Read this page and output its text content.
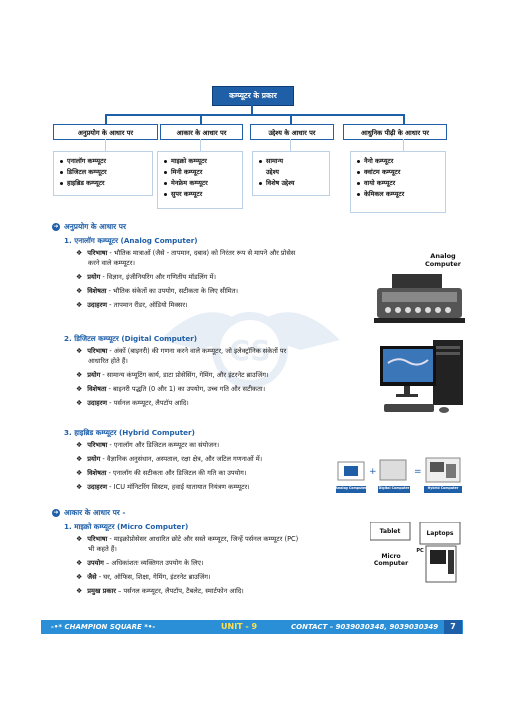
CS
कम्प्यूटर के प्रकार
अनुप्रयोग के आधार पर	आकार के आधार पर	उद्देश्य के आधार पर	आधुनिक पीढ़ी के आधार पर
एनालॉग कम्प्यूटर
डिजिटल कम्प्यूटर
हाइब्रिड कम्प्यूटर
माइक्रो कम्प्यूटर
मिनी कम्प्यूटर
मेनफ्रेम कम्प्यूटर
सुपर कम्प्यूटर
सामान्य
उद्देश्य
विशेष उद्देश्य
नैनो कम्प्यूटर
क्वांटम कम्प्यूटर
वायो कम्प्यूटर
केमिकल कम्प्यूटर
➜ अनुप्रयोग के आधार पर
1. एनालॉग कम्प्यूटर (Analog Computer)
❖ परिभाषा - भौतिक मात्राओं (जैसे - तापमान, दबाव) को निरंतर रूप से मापने और प्रोसेस
करने वाले कम्प्यूटर।
❖ प्रयोग - विज्ञान, इंजीनियरिंग और गणितीय मॉडलिंग में।
❖ विशेषता - भौतिक संकेतों का उपयोग, सटीकता के लिए सीमित।
❖ उदाहरण - तापमान रीडर, ऑडियो मिक्सर।
Analog Computer
2. डिजिटल कम्प्यूटर (Digital Computer)
❖ परिभाषा - अंकों (बाइनरी) की गणना करने वाले कम्प्यूटर, जो इलेक्ट्रॉनिक संकेतों पर
आधारित होते हैं।
❖ प्रयोग - सामान्य कंप्यूटिंग कार्य, डाटा प्रोसेसिंग, गेमिंग, और इंटरनेट ब्राउजिंग।
❖ विशेषता - बाइनरी पद्धति (0 और 1) का उपयोग, उच्च गति और सटीकता।
❖ उदाहरण - पर्सनल कम्प्यूटर, लैपटॉप आदि।
3. हाइब्रिड कम्प्यूटर (Hybrid Computer)
❖ परिभाषा - एनालॉग और डिजिटल कम्प्यूटर का संयोजन।
❖ प्रयोग - वैज्ञानिक अनुसंधान, अस्पताल, रक्षा क्षेत्र, और जटिल गणनाओं में।
❖ विशेषता - एनालॉग की सटीकता और डिजिटल की गति का उपयोग।
❖ उदाहरण - ICU मॉनिटरिंग सिस्टम, हवाई यातायात नियंत्रण कम्प्यूटर।
+	=
Analog Computer	Digital Computer	Hybrid Computer
➜ आकार के आधार पर -
1. माइक्रो कम्प्यूटर (Micro Computer)
❖ परिभाषा - माइक्रोप्रोसेसर आधारित छोटे और सस्ते कम्प्यूटर, जिन्हें पर्सनल कम्प्यूटर (PC)
भी कहते हैं।
❖ उपयोग – अधिकांशतः व्यक्तिगत उपयोग के लिए।
❖ जैसे - घर, ऑफिस, शिक्षा, गेमिंग, इंटरनेट ब्राउजिंग।
❖ प्रमुख प्रकार – पर्सनल कम्प्यूटर, लैपटॉप, टैबलेट, स्मार्टफोन आदि।
Tablet	Laptops
PC
Micro
Computer
-•* CHAMPION SQUARE *•-	UNIT - 9	CONTACT – 9039030348, 9039030349	7
